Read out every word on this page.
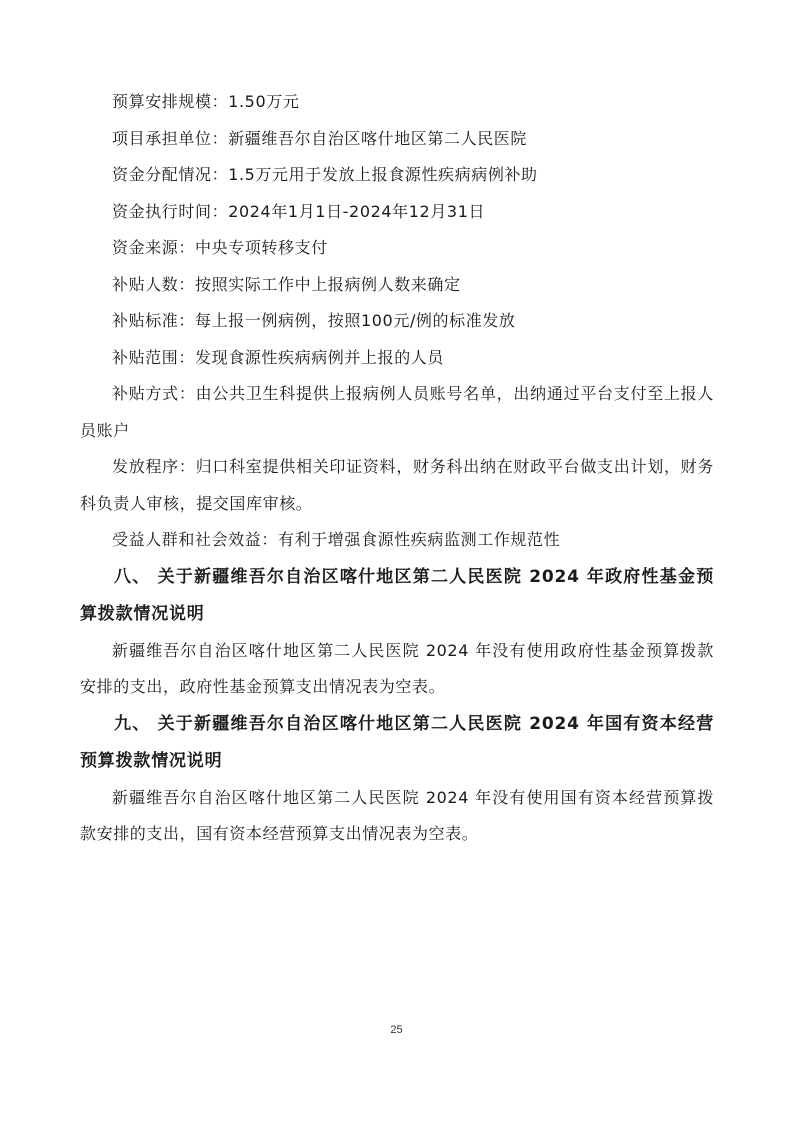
预算安排规模：1.50万元

项目承担单位：新疆维吾尔自治区喀什地区第二人民医院

资金分配情况：1.5万元用于发放上报食源性疾病病例补助

资金执行时间：2024年1月1日-2024年12月31日

资金来源：中央专项转移支付

补贴人数：按照实际工作中上报病例人数来确定

补贴标准：每上报一例病例，按照100元/例的标准发放

补贴范围：发现食源性疾病病例并上报的人员

补贴方式：由公共卫生科提供上报病例人员账号名单，出纳通过平台支付至上报人员账户

发放程序：归口科室提供相关印证资料，财务科出纳在财政平台做支出计划，财务科负责人审核，提交国库审核。

受益人群和社会效益：有利于增强食源性疾病监测工作规范性

八、 关于新疆维吾尔自治区喀什地区第二人民医院 2024 年政府性基金预算拨款情况说明

新疆维吾尔自治区喀什地区第二人民医院 2024 年没有使用政府性基金预算拨款安排的支出，政府性基金预算支出情况表为空表。

九、 关于新疆维吾尔自治区喀什地区第二人民医院 2024 年国有资本经营预算拨款情况说明

新疆维吾尔自治区喀什地区第二人民医院 2024 年没有使用国有资本经营预算拨款安排的支出，国有资本经营预算支出情况表为空表。

25
